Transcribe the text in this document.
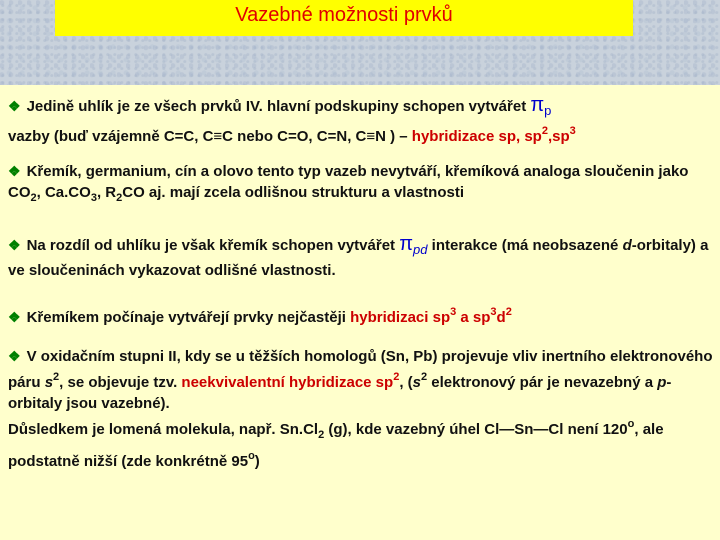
Vazebné možnosti prvků
❖ Jedině uhlík je ze všech prvků IV. hlavní podskupiny schopen vytvářet πp
vazby (buď vzájemně C=C, C≡C nebo C=O, C=N, C≡N ) – hybridizace sp, $sp^2,sp^3$
❖ Křemík, germanium, cín a olovo tento typ vazeb nevytváří, křemíková analoga sloučenin jako $CO_2$, $Ca.CO_3$, $R_2CO$ aj. mají zcela odlišnou strukturu a vlastnosti
❖ Na rozdíl od uhlíku je však křemík schopen vytvářet πpd interakce (má neobsazené d-orbitaly) a ve sloučeninách vykazovat odlišné vlastnosti.
❖ Křemíkem počínaje vytvářejí prvky nejčastěji hybridizaci $sp^3$ a $sp^3d^2$
❖ V oxidačním stupni II, kdy se u těžších homologů (Sn, Pb) projevuje vliv inertního elektronového páru $s^2$, se objevuje tzv. neekvivalentní hybridizace $sp^2$, ($s^2$ elektronový pár je nevazebný a p-orbitaly jsou vazebné).
Důsledkem je lomená molekula, např. $Sn.Cl_2$ (g), kde vazebný úhel Cl—Sn—Cl není 120$^o$, ale podstatně nižší (zde konkrétně 95$^o$)
